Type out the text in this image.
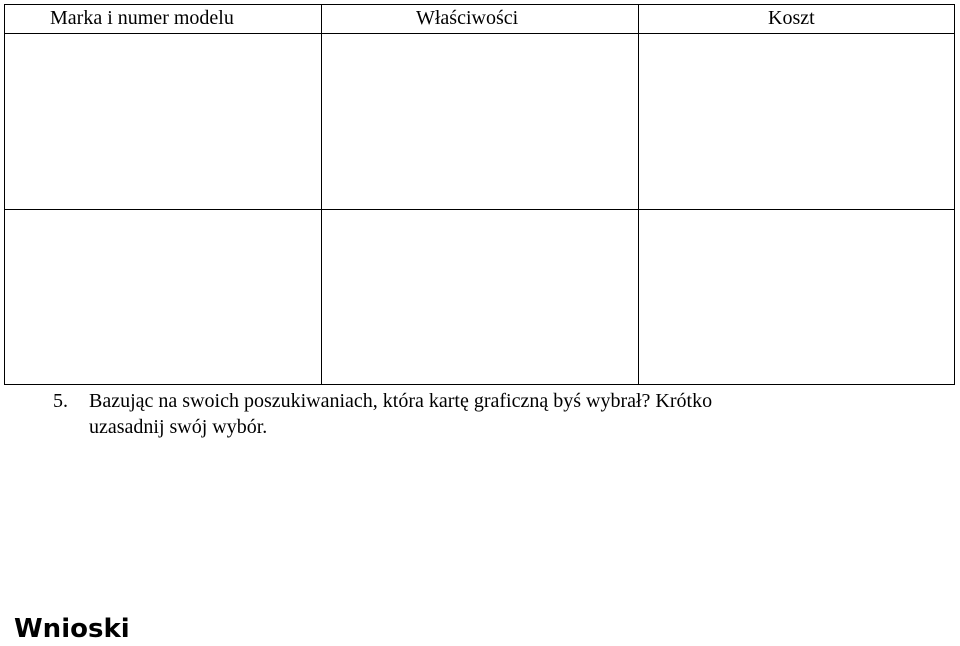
Marka i numer modelu	Właściwości	Koszt
5. Bazując na swoich poszukiwaniach, która kartę graficzną byś wybrał? Krótko
uzasadnij swój wybór.
Wnioski
